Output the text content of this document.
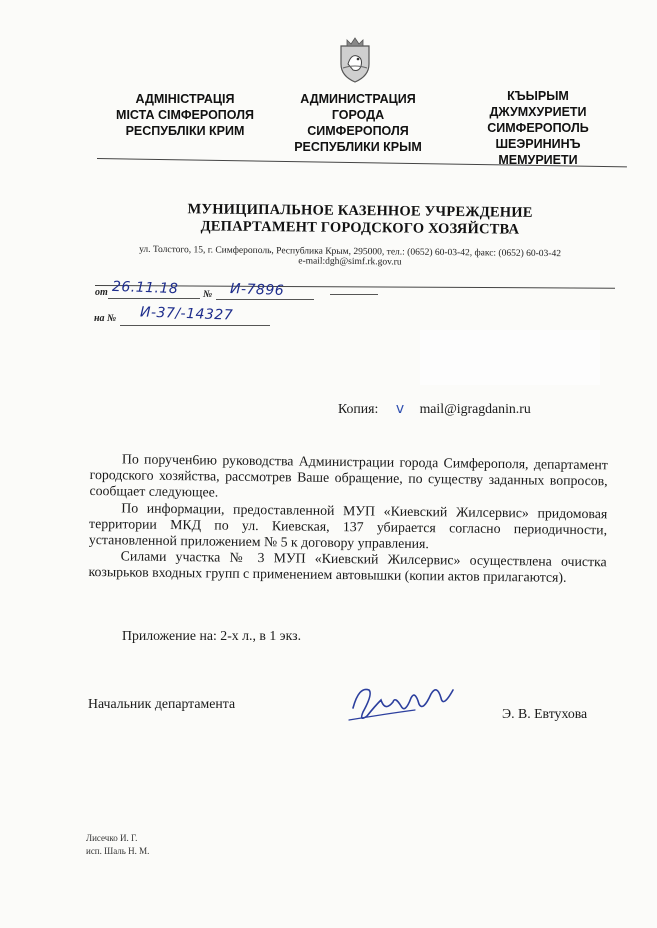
АДМІНІСТРАЦІЯ
МІСТА СІМФЕРОПОЛЯ
РЕСПУБЛІКИ КРИМ
АДМИНИСТРАЦИЯ
ГОРОДА
СИМФЕРОПОЛЯ
РЕСПУБЛИКИ КРЫМ
КЪЫРЫМ
ДЖУМХУРИЕТИ
СИМФЕРОПОЛЬ
ШЕЭРИНИНЪ
МЕМУРИЕТИ
МУНИЦИПАЛЬНОЕ КАЗЕННОЕ УЧРЕЖДЕНИЕ
ДЕПАРТАМЕНТ ГОРОДСКОГО ХОЗЯЙСТВА
ул. Толстого, 15, г. Симферополь, Республика Крым, 295000, тел.: (0652) 60-03-42, факс: (0652) 60-03-42
e-mail:dgh@simf.rk.gov.ru
от 26.11.18 № И-7896
на № И-37/-14327
Копия: v mail@igragdanin.ru

По поручен6ию руководства Администрации города Симферополя, департамент городского хозяйства, рассмотрев Ваше обращение, по существу заданных вопросов, сообщает следующее.

По информации, предоставленной МУП «Киевский Жилсервис» придомовая территории МКД по ул. Киевская, 137 убирается согласно периодичности, установленной приложением № 5 к договору управления.

Силами участка № 3 МУП «Киевский Жилсервис» осуществлена очистка козырьков входных групп с применением автовышки (копии актов прилагаются).

Приложение на: 2-х л., в 1 экз.
Начальник департамента
Э. В. Евтухова
Лисечко И. Г.
исп. Шаль Н. М.
